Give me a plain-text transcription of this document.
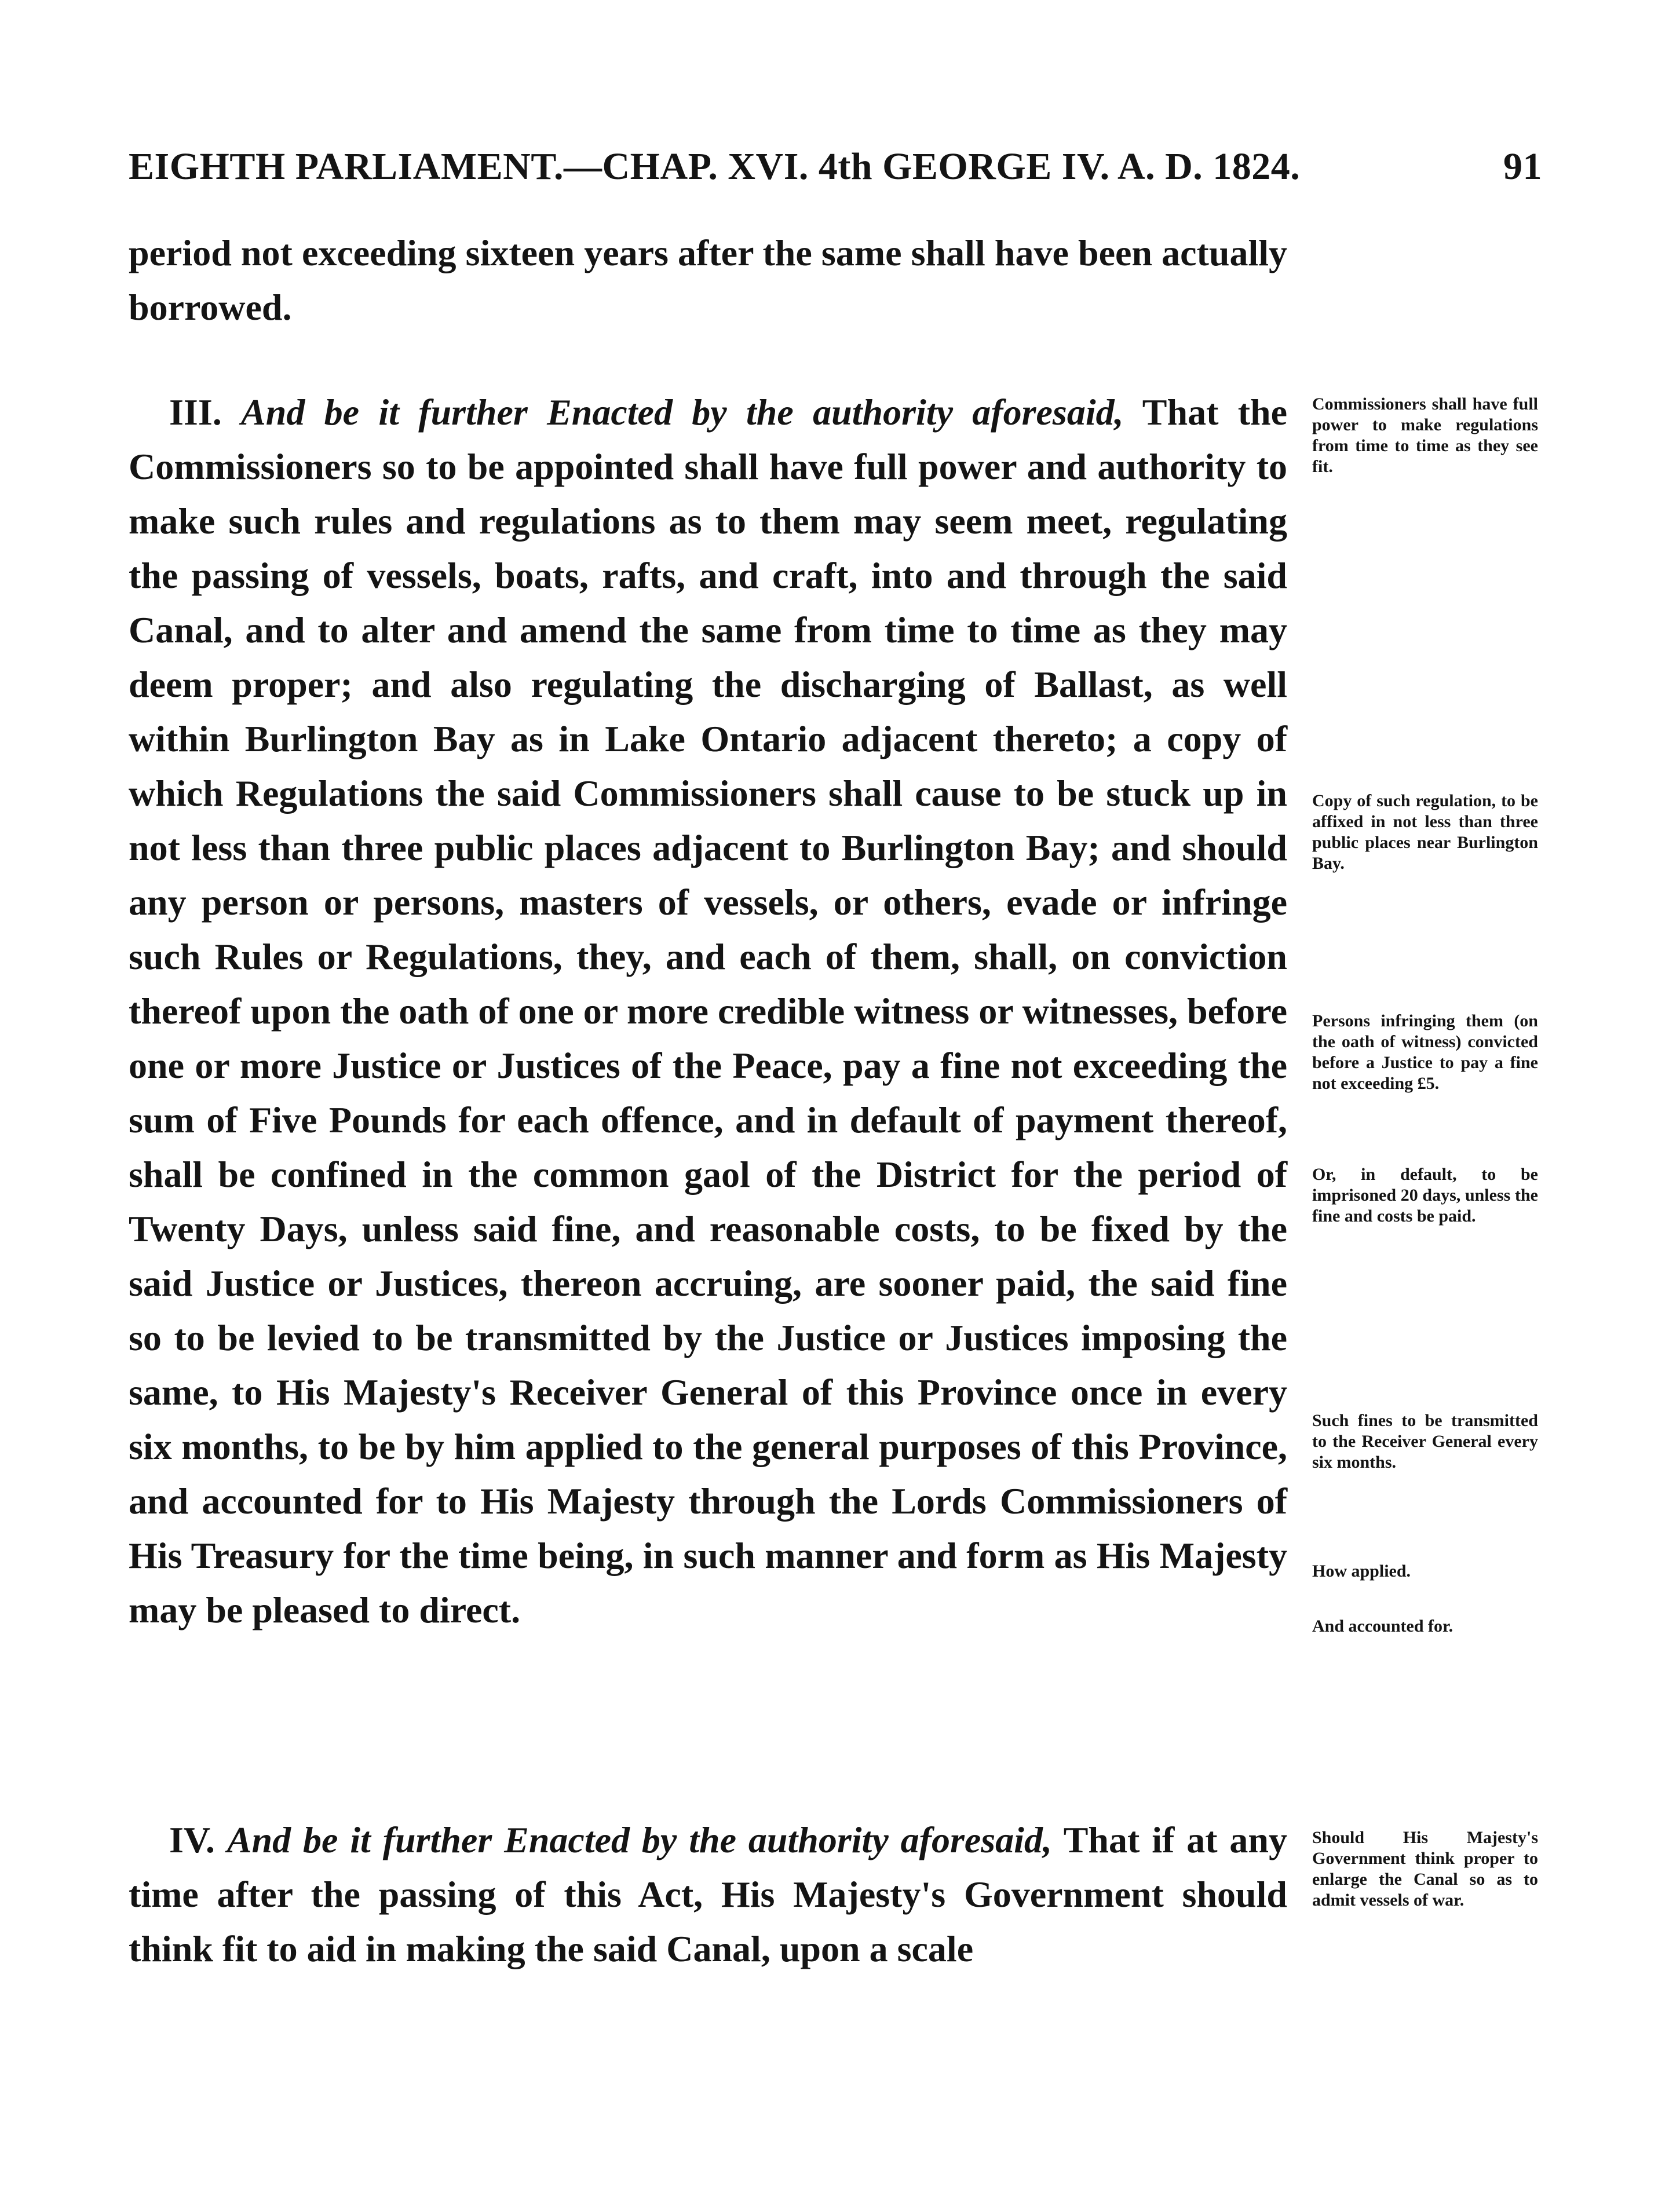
EIGHTH PARLIAMENT.—CHAP. XVI. 4th GEORGE IV. A. D. 1824.	91

period not exceeding sixteen years after the same shall have been actually borrowed.

III. And be it further Enacted by the authority aforesaid, That the Commissioners so to be appointed shall have full power and authority to make such rules and regulations as to them may seem meet, regulating the passing of vessels, boats, rafts, and craft, into and through the said Canal, and to alter and amend the same from time to time as they may deem proper; and also regulating the discharging of Ballast, as well within Burlington Bay as in Lake Ontario adjacent thereto; a copy of which Regulations the said Commissioners shall cause to be stuck up in not less than three public places adjacent to Burlington Bay; and should any person or persons, masters of vessels, or others, evade or infringe such Rules or Regulations, they, and each of them, shall, on conviction thereof upon the oath of one or more credible witness or witnesses, before one or more Justice or Justices of the Peace, pay a fine not exceeding the sum of Five Pounds for each offence, and in default of payment thereof, shall be confined in the common gaol of the District for the period of Twenty Days, unless said fine, and reasonable costs, to be fixed by the said Justice or Justices, thereon accruing, are sooner paid, the said fine so to be levied to be transmitted by the Justice or Justices imposing the same, to His Majesty's Receiver General of this Province once in every six months, to be by him applied to the general purposes of this Province, and accounted for to His Majesty through the Lords Commissioners of His Treasury for the time being, in such manner and form as His Majesty may be pleased to direct.

IV. And be it further Enacted by the authority aforesaid, That if at any time after the passing of this Act, His Majesty's Government should think fit to aid in making the said Canal, upon a scale

Commissioners shall have full power to make regulations from time to time as they see fit.
Copy of such regulation, to be affixed in not less than three public places near Burlington Bay.
Persons infringing them (on the oath of witness) convicted before a Justice to pay a fine not exceeding £5.
Or, in default, to be imprisoned 20 days, unless the fine and costs be paid.
Such fines to be transmitted to the Receiver General every six months.
How applied.
And accounted for.
Should His Majesty's Government think proper to enlarge the Canal so as to admit vessels of war.
